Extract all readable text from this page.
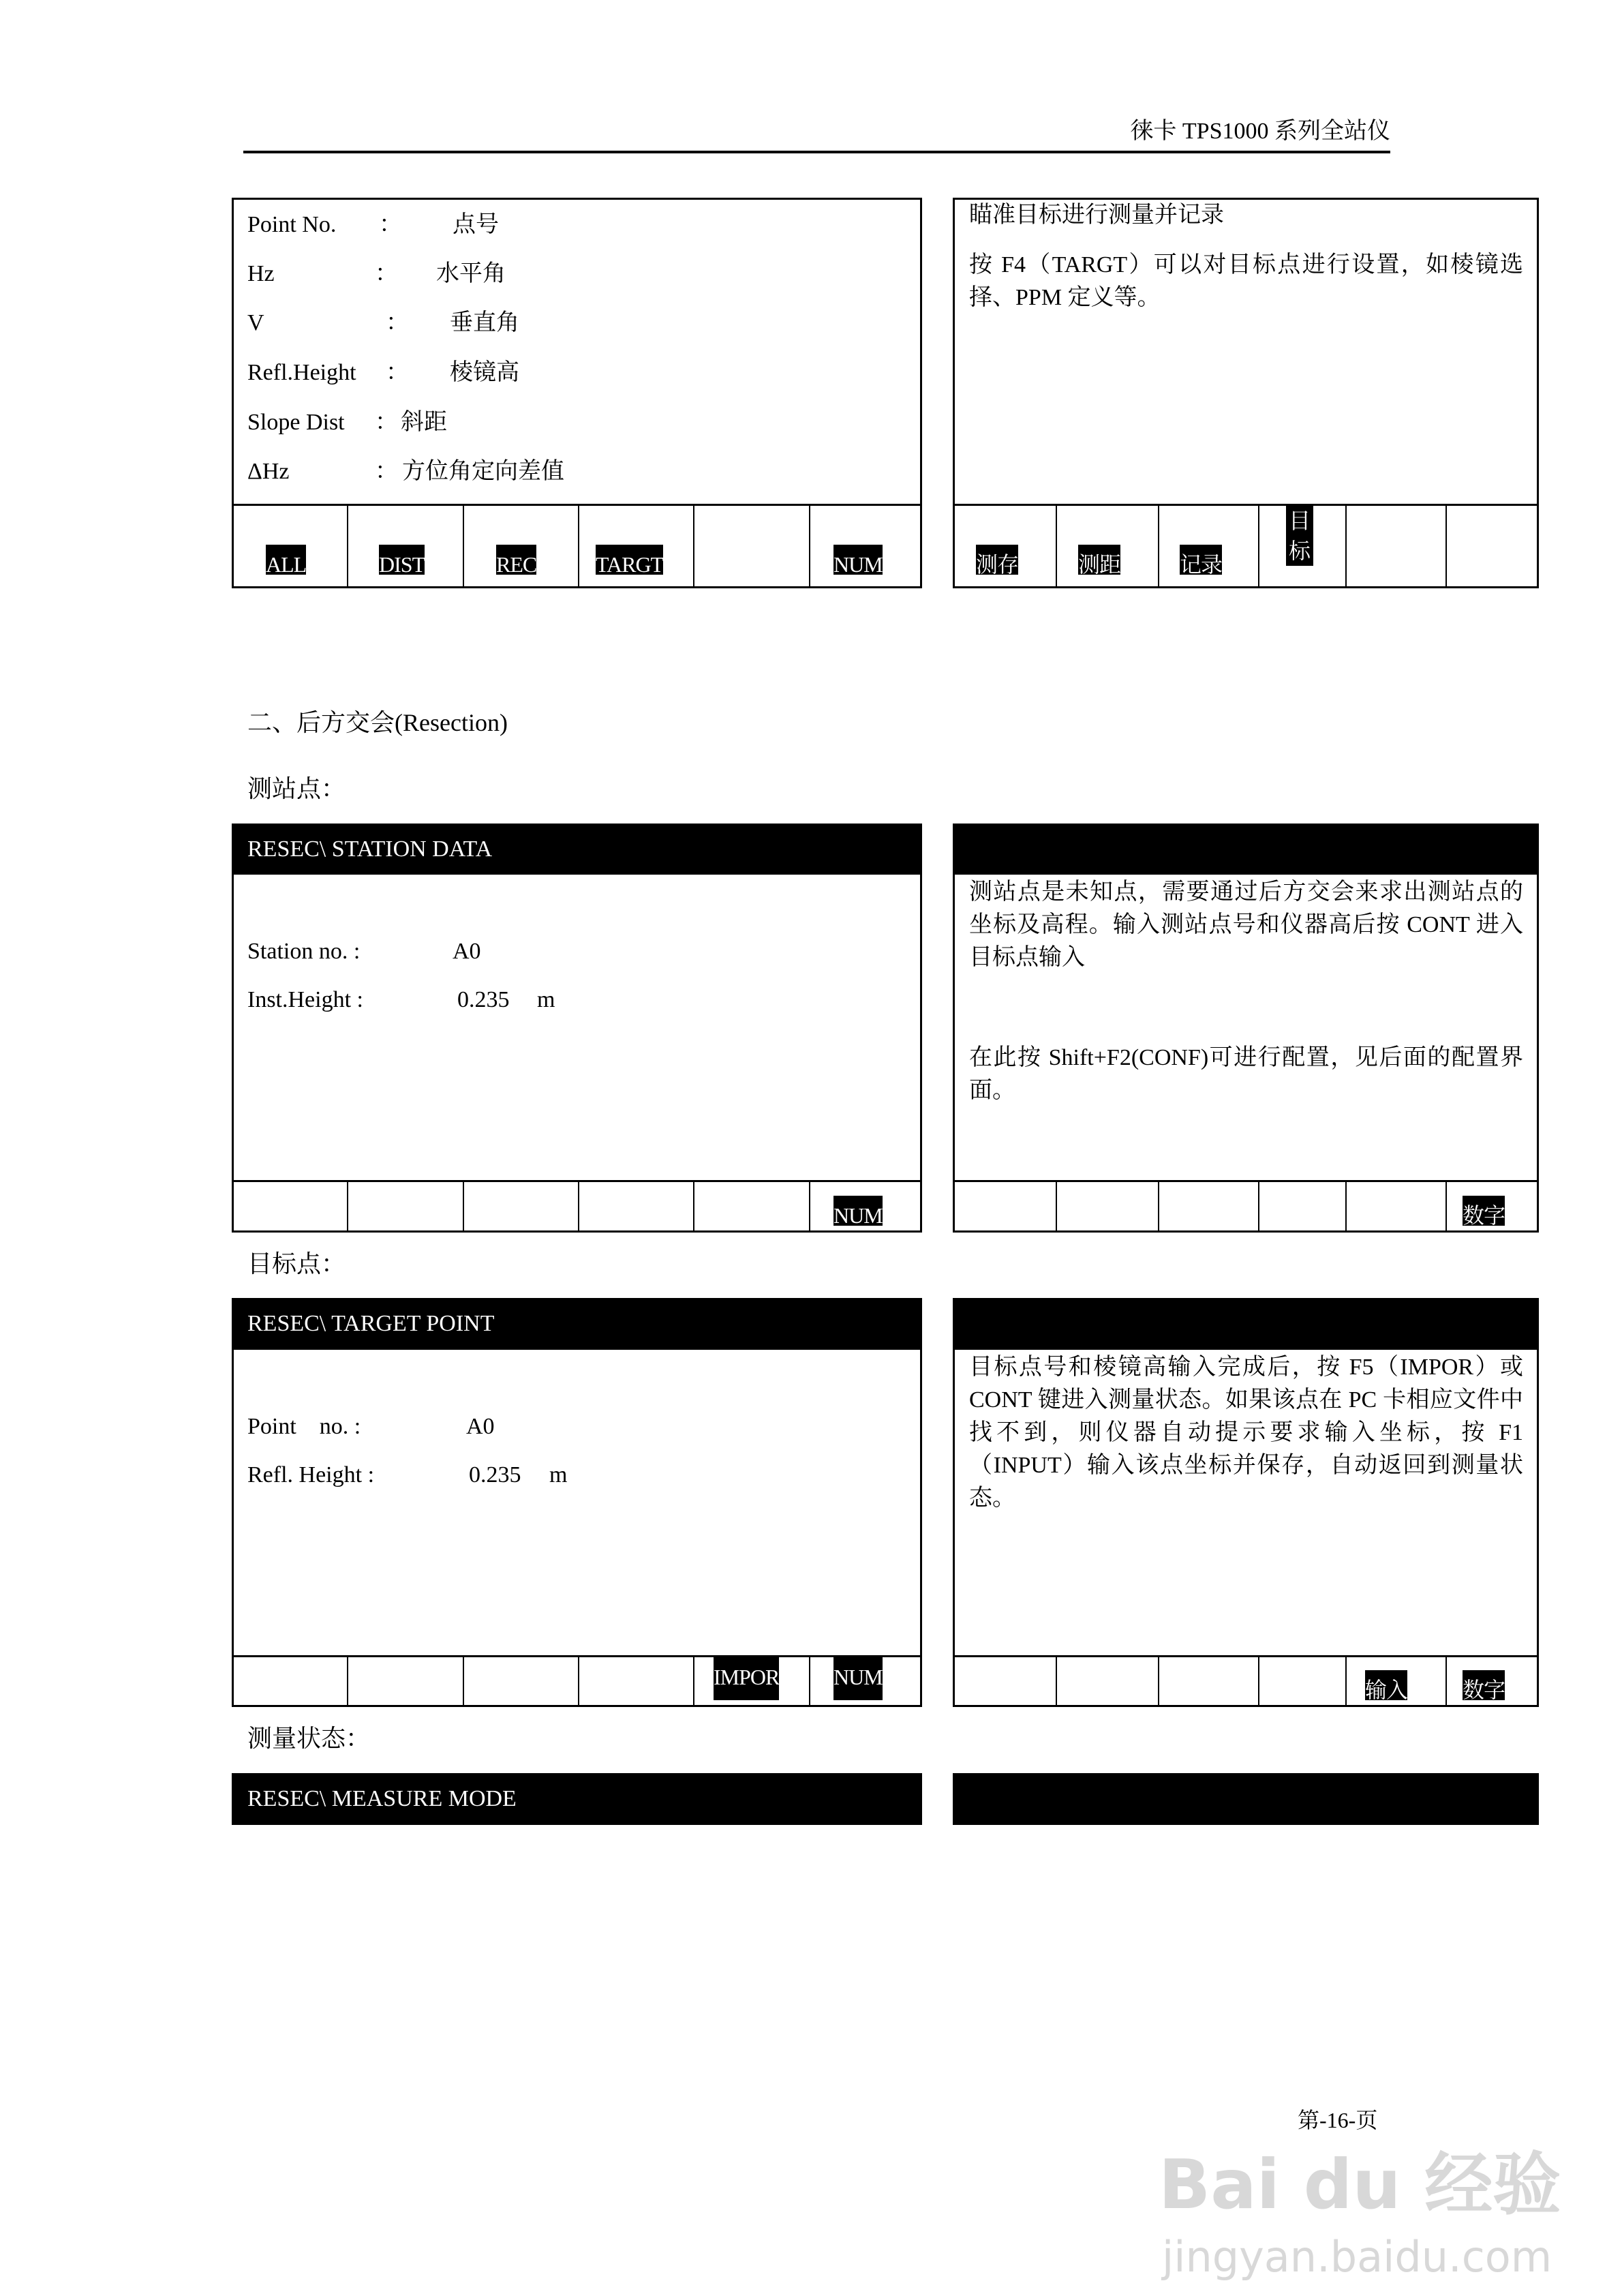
徕卡 TPS1000 系列全站仪
Point No. ： 点号
Hz	： 水平角
V	： 垂直角
Refl.Height ： 棱镜高
Slope Dist ： 斜距
ΔHz	： 方位角定向差值
ALL	DIST	REC	TARGT	NUM
瞄准目标进行测量并记录
按 F4（TARGT）可以对目标点进行设置，如棱镜选择、PPM 定义等。
测存	测距	记录
目
标
二、后方交会(Resection)
测站点：
RESEC\ STATION DATA
Station no. :	A0
Inst.Height :	0.235 m
NUM
测站点是未知点，需要通过后方交会来求出测站点的坐标及高程。输入测站点号和仪器高后按 CONT 进入目标点输入
在此按 Shift+F2(CONF)可进行配置，见后面的配置界面。
数字
目标点：
RESEC\ TARGET POINT
Point    no. :	A0
Refl. Height :	0.235 m
IMPOR NUM
目标点号和棱镜高输入完成后，按 F5（IMPOR）或 CONT 键进入测量状态。如果该点在 PC 卡相应文件中找不到，则仪器自动提示要求输入坐标，按 F1（INPUT）输入该点坐标并保存，自动返回到测量状态。
输入	数字
测量状态：
RESEC\ MEASURE MODE
第-16-页
Bai du 经验
jingyan.baidu.com
